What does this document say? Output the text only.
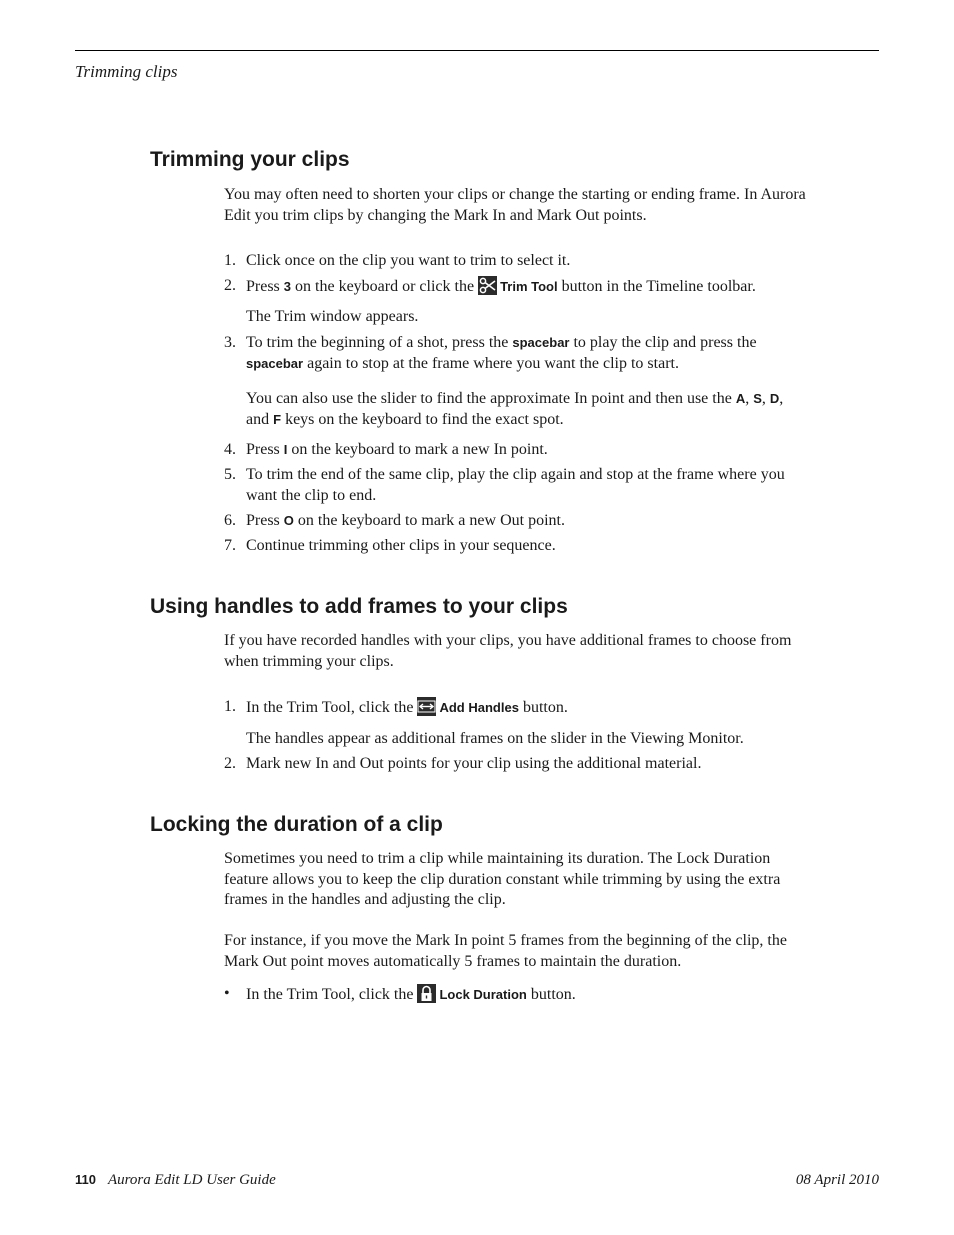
Trimming clips
Trimming your clips

You may often need to shorten your clips or change the starting or ending frame. In Aurora Edit you trim clips by changing the Mark In and Mark Out points.

1. Click once on the clip you want to trim to select it.
2. Press 3 on the keyboard or click the
Trim Tool button in the Timeline toolbar.

The Trim window appears.

3. To trim the beginning of a shot, press the spacebar to play the clip and press the spacebar again to stop at the frame where you want the clip to start.

You can also use the slider to find the approximate In point and then use the A, S, D, and F keys on the keyboard to find the exact spot.

4. Press I on the keyboard to mark a new In point.
5. To trim the end of the same clip, play the clip again and stop at the frame where you want the clip to end.
6. Press O on the keyboard to mark a new Out point.
7. Continue trimming other clips in your sequence.
Using handles to add frames to your clips

If you have recorded handles with your clips, you have additional frames to choose from when trimming your clips.

1. In the Trim Tool, click the
Add Handles button.

The handles appear as additional frames on the slider in the Viewing Monitor.

2. Mark new In and Out points for your clip using the additional material.
Locking the duration of a clip

Sometimes you need to trim a clip while maintaining its duration. The Lock Duration feature allows you to keep the clip duration constant while trimming by using the extra frames in the handles and adjusting the clip.

For instance, if you move the Mark In point 5 frames from the beginning of the clip, the Mark Out point moves automatically 5 frames to maintain the duration.

•	In the Trim Tool, click the
Lock Duration button.
110 Aurora Edit LD User Guide	08 April 2010
